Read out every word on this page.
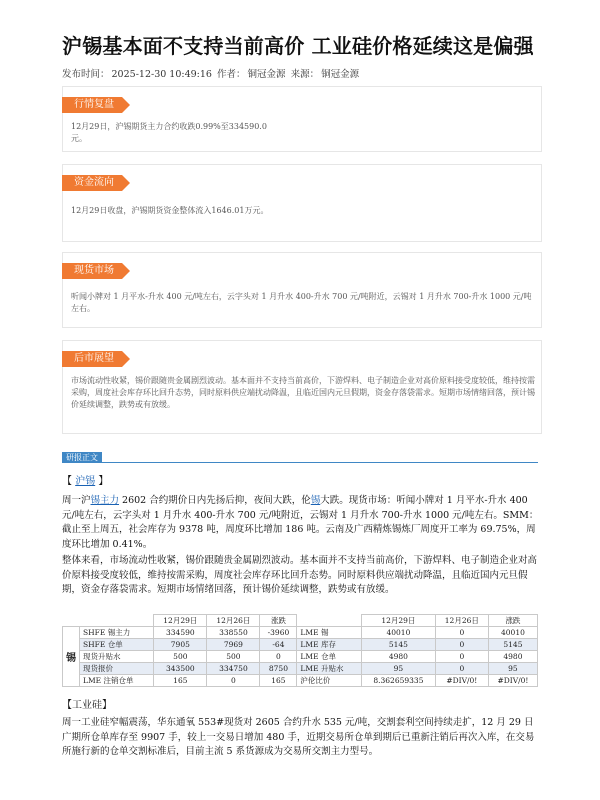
沪锡基本面不支持当前高价 工业硅价格延续这是偏强
发布时间： 2025-12-30 10:49:16 作者： 铜冠金源 来源： 铜冠金源
行情复盘
12月29日，沪锡期货主力合约收跌0.99%至334590.0元。
资金流向
12月29日收盘，沪锡期货资金整体流入1646.01万元。
现货市场
听闻小牌对 1 月平水-升水 400 元/吨左右，云字头对 1 月升水 400-升水 700 元/吨附近，云锡对 1 月升水 700-升水 1000 元/吨左右。
后市展望
市场流动性收紧，锡价跟随贵金属剧烈波动。基本面并不支持当前高价，下游焊料、电子制造企业对高价原料接受度较低，维持按需采购，周度社会库存环比回升态势，同时原料供应端扰动降温，且临近国内元旦假期，资金存落袋需求。短期市场情绪回落，预计锡价延续调整，跌势或有放缓。
研报正文
【 沪锡 】
周一沪锡主力 2602 合约期价日内先扬后抑，夜间大跌，伦锡大跌。现货市场：听闻小牌对 1 月平水-升水 400 元/吨左右，云字头对 1 月升水 400-升水 700 元/吨附近，云锡对 1 月升水 700-升水 1000 元/吨左右。SMM：截止至上周五，社会库存为 9378 吨，周度环比增加 186 吨。云南及广西精炼锡炼厂周度开工率为 69.75%，周度环比增加 0.41%。
整体来看，市场流动性收紧，锡价跟随贵金属剧烈波动。基本面并不支持当前高价，下游焊料、电子制造企业对高价原料接受度较低，维持按需采购，周度社会库存环比回升态势。同时原料供应端扰动降温，且临近国内元旦假期，资金存落袋需求。短期市场情绪回落，预计锡价延续调整，跌势或有放缓。
		12月29日	12月26日	涨跌		12月29日	12月26日	涨跌
锡	SHFE 锡主力	334590	338550	-3960	LME 锡	40010	0	40010
	SHFE 仓单	7905	7969	-64	LME 库存	5145	0	5145
	现货升贴水	500	500	0	LME 仓单	4980	0	4980
	现货报价	343500	334750	8750	LME 升贴水	95	0	95
	LME 注销仓单	165	0	165	沪伦比价	8.362659335	#DIV/0!	#DIV/0!
【工业硅】
周一工业硅窄幅震荡，华东通氧 553#现货对 2605 合约升水 535 元/吨，交割套利空间持续走扩，12 月 29 日广期所仓单库存至 9907 手，较上一交易日增加 480 手，近期交易所仓单到期后已重新注销后再次入库，在交易所施行新的仓单交割标准后，目前主流 5 系货源成为交易所交割主力型号。
